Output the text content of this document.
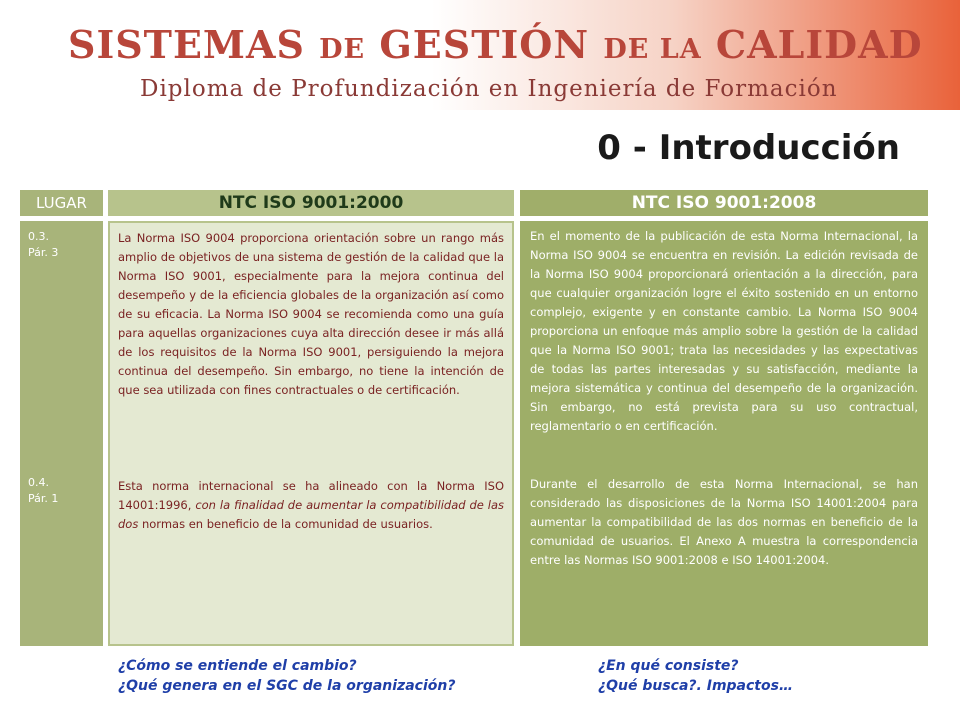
SISTEMAS DE GESTIÓN DE LA CALIDAD
Diploma de Profundización en Ingeniería de Formación
0 - Introducción
LUGAR	NTC ISO 9001:2000	NTC ISO 9001:2008
0.3.
Pár. 3
0.4.
Pár. 1
La Norma ISO 9004 proporciona orientación sobre un rango más amplio de objetivos de una sistema de gestión de la calidad que la Norma ISO 9001, especialmente para la mejora continua del desempeño y de la eficiencia globales de la organización así como de su eficacia. La Norma ISO 9004 se recomienda como una guía para aquellas organizaciones cuya alta dirección desee ir más allá de los requisitos de la Norma ISO 9001, persiguiendo la mejora continua del desempeño. Sin embargo, no tiene la intención de que sea utilizada con fines contractuales o de certificación.
Esta norma internacional se ha alineado con la Norma ISO 14001:1996, con la finalidad de aumentar la compatibilidad de las dos normas en beneficio de la comunidad de usuarios.
En el momento de la publicación de esta Norma Internacional, la Norma ISO 9004 se encuentra en revisión. La edición revisada de la Norma ISO 9004 proporcionará orientación a la dirección, para que cualquier organización logre el éxito sostenido en un entorno complejo, exigente y en constante cambio. La Norma ISO 9004 proporciona un enfoque más amplio sobre la gestión de la calidad que la Norma ISO 9001; trata las necesidades y las expectativas de todas las partes interesadas y su satisfacción, mediante la mejora sistemática y continua del desempeño de la organización. Sin embargo, no está prevista para su uso contractual, reglamentario o en certificación.
Durante el desarrollo de esta Norma Internacional, se han considerado las disposiciones de la Norma ISO 14001:2004 para aumentar la compatibilidad de las dos normas en beneficio de la comunidad de usuarios. El Anexo A muestra la correspondencia entre las Normas ISO 9001:2008 e ISO 14001:2004.
¿Cómo se entiende el cambio?
¿Qué genera en el SGC de la organización?
¿En qué consiste?
¿Qué busca?. Impactos…
